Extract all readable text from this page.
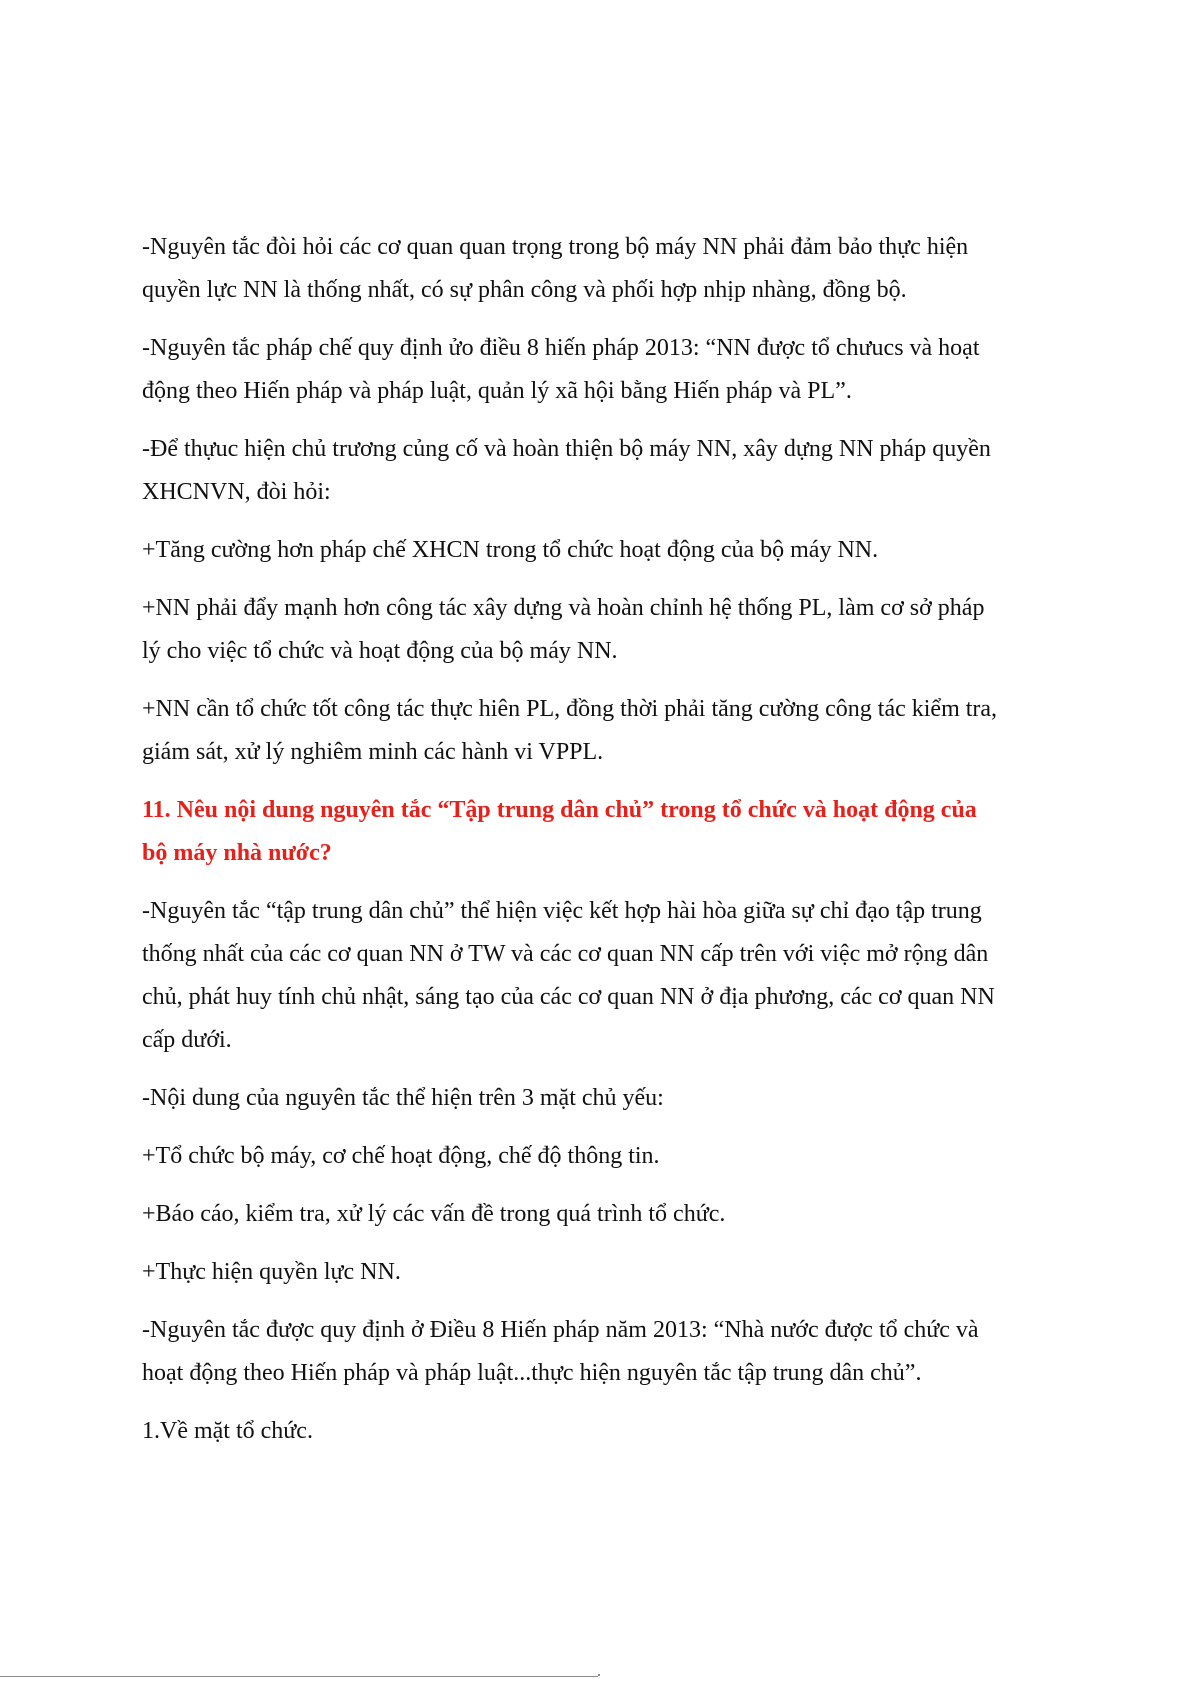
-Nguyên tắc đòi hỏi các cơ quan quan trọng trong bộ máy NN phải đảm bảo thực hiện
quyền lực NN là thống nhất, có sự phân công và phối hợp nhịp nhàng, đồng bộ.

-Nguyên tắc pháp chế quy định ửo điều 8 hiến pháp 2013: “NN được tổ chưucs và hoạt
động theo Hiến pháp và pháp luật, quản lý xã hội bằng Hiến pháp và PL”.

-Để thựuc hiện chủ trương củng cố và hoàn thiện bộ máy NN, xây dựng NN pháp quyền
XHCNVN, đòi hỏi:

+Tăng cường hơn pháp chế XHCN trong tổ chức hoạt động của bộ máy NN.

+NN phải đẩy mạnh hơn công tác xây dựng và hoàn chỉnh hệ thống PL, làm cơ sở pháp
lý cho việc tổ chức và hoạt động của bộ máy NN.

+NN cần tổ chức tốt công tác thực hiên PL, đồng thời phải tăng cường công tác kiểm tra,
giám sát, xử lý nghiêm minh các hành vi VPPL.

11. Nêu nội dung nguyên tắc “Tập trung dân chủ” trong tổ chức và hoạt động của
bộ máy nhà nước?

-Nguyên tắc “tập trung dân chủ” thể hiện việc kết hợp hài hòa giữa sự chỉ đạo tập trung
thống nhất của các cơ quan NN ở TW và các cơ quan NN cấp trên với việc mở rộng dân
chủ, phát huy tính chủ nhật, sáng tạo của các cơ quan NN ở địa phương, các cơ quan NN
cấp dưới.

-Nội dung của nguyên tắc thể hiện trên 3 mặt chủ yếu:

+Tổ chức bộ máy, cơ chế hoạt động, chế độ thông tin.

+Báo cáo, kiểm tra, xử lý các vấn đề trong quá trình tổ chức.

+Thực hiện quyền lực NN.

-Nguyên tắc được quy định ở Điều 8 Hiến pháp năm 2013: “Nhà nước được tổ chức và
hoạt động theo Hiến pháp và pháp luật...thực hiện nguyên tắc tập trung dân chủ”.

1.Về mặt tổ chức.
